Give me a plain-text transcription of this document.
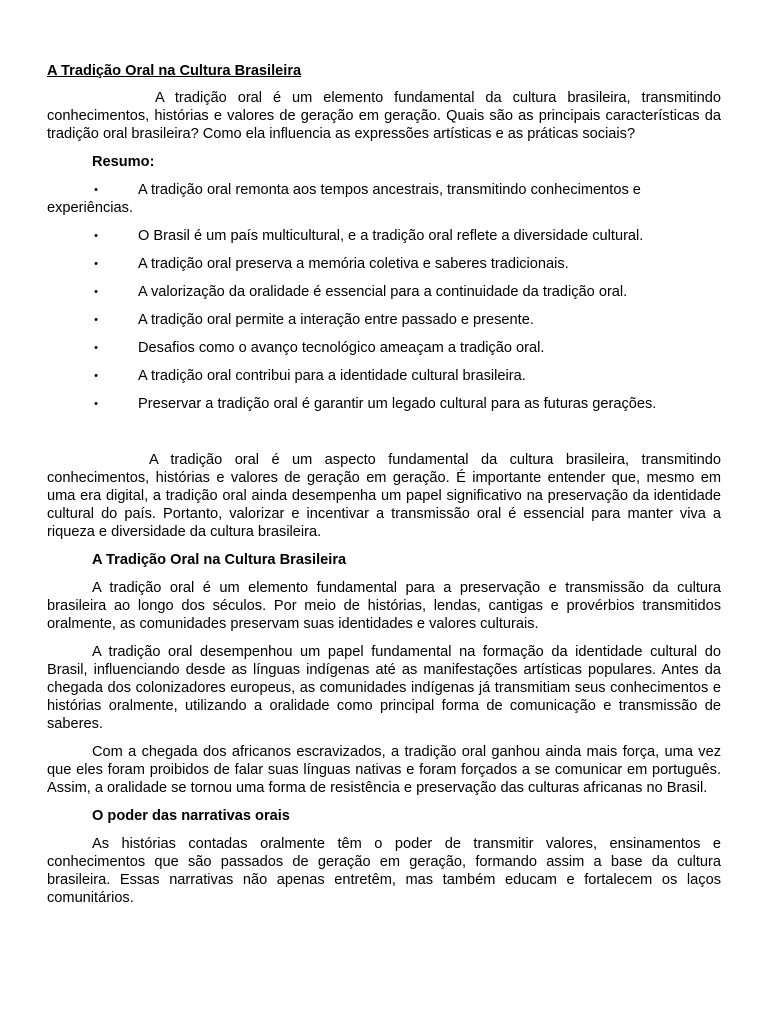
A Tradição Oral na Cultura Brasileira

A tradição oral é um elemento fundamental da cultura brasileira, transmitindo conhecimentos, histórias e valores de geração em geração. Quais são as principais características da tradição oral brasileira? Como ela influencia as expressões artísticas e as práticas sociais?

Resumo:

•	A tradição oral remonta aos tempos ancestrais, transmitindo conhecimentos e experiências.
•	O Brasil é um país multicultural, e a tradição oral reflete a diversidade cultural.
•	A tradição oral preserva a memória coletiva e saberes tradicionais.
•	A valorização da oralidade é essencial para a continuidade da tradição oral.
•	A tradição oral permite a interação entre passado e presente.
•	Desafios como o avanço tecnológico ameaçam a tradição oral.
•	A tradição oral contribui para a identidade cultural brasileira.
•	Preservar a tradição oral é garantir um legado cultural para as futuras gerações.

A tradição oral é um aspecto fundamental da cultura brasileira, transmitindo conhecimentos, histórias e valores de geração em geração. É importante entender que, mesmo em uma era digital, a tradição oral ainda desempenha um papel significativo na preservação da identidade cultural do país. Portanto, valorizar e incentivar a transmissão oral é essencial para manter viva a riqueza e diversidade da cultura brasileira.

A Tradição Oral na Cultura Brasileira

A tradição oral é um elemento fundamental para a preservação e transmissão da cultura brasileira ao longo dos séculos. Por meio de histórias, lendas, cantigas e provérbios transmitidos oralmente, as comunidades preservam suas identidades e valores culturais.

A tradição oral desempenhou um papel fundamental na formação da identidade cultural do Brasil, influenciando desde as línguas indígenas até as manifestações artísticas populares. Antes da chegada dos colonizadores europeus, as comunidades indígenas já transmitiam seus conhecimentos e histórias oralmente, utilizando a oralidade como principal forma de comunicação e transmissão de saberes.

Com a chegada dos africanos escravizados, a tradição oral ganhou ainda mais força, uma vez que eles foram proibidos de falar suas línguas nativas e foram forçados a se comunicar em português. Assim, a oralidade se tornou uma forma de resistência e preservação das culturas africanas no Brasil.

O poder das narrativas orais

As histórias contadas oralmente têm o poder de transmitir valores, ensinamentos e conhecimentos que são passados de geração em geração, formando assim a base da cultura brasileira. Essas narrativas não apenas entretêm, mas também educam e fortalecem os laços comunitários.
